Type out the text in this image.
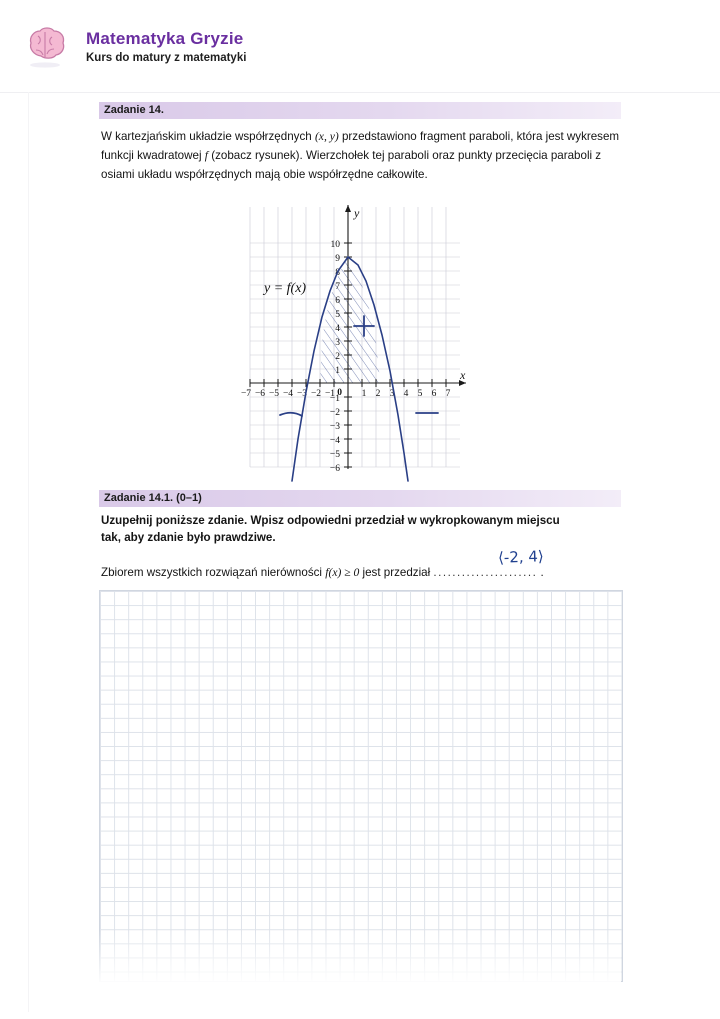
Matematyka Gryzie
Kurs do matury z matematyki
Zadanie 14.
W kartezjańskim układzie współrzędnych (x, y) przedstawiono fragment paraboli, która jest wykresem funkcji kwadratowej f (zobacz rysunek). Wierzchołek tej paraboli oraz punkty przecięcia paraboli z osiami układu współrzędnych mają obie współrzędne całkowite.
−7 −6 −5 −4 −3 −2 −1	1 2 3 4 5 6 7
10
9
8
7
6
5
4
3
2
1
−1
−2
−3
−4
−5
−6
0
x
y
y = f(x)
Zadanie 14.1. (0–1)
Uzupełnij poniższe zdanie. Wpisz odpowiedni przedział w wykropkowanym miejscu
tak, aby zdanie było prawdziwe.
Zbiorem wszystkich rozwiązań nierówności f(x) ≥ 0 jest przedział ...................... .
⟨-2, 4⟩
